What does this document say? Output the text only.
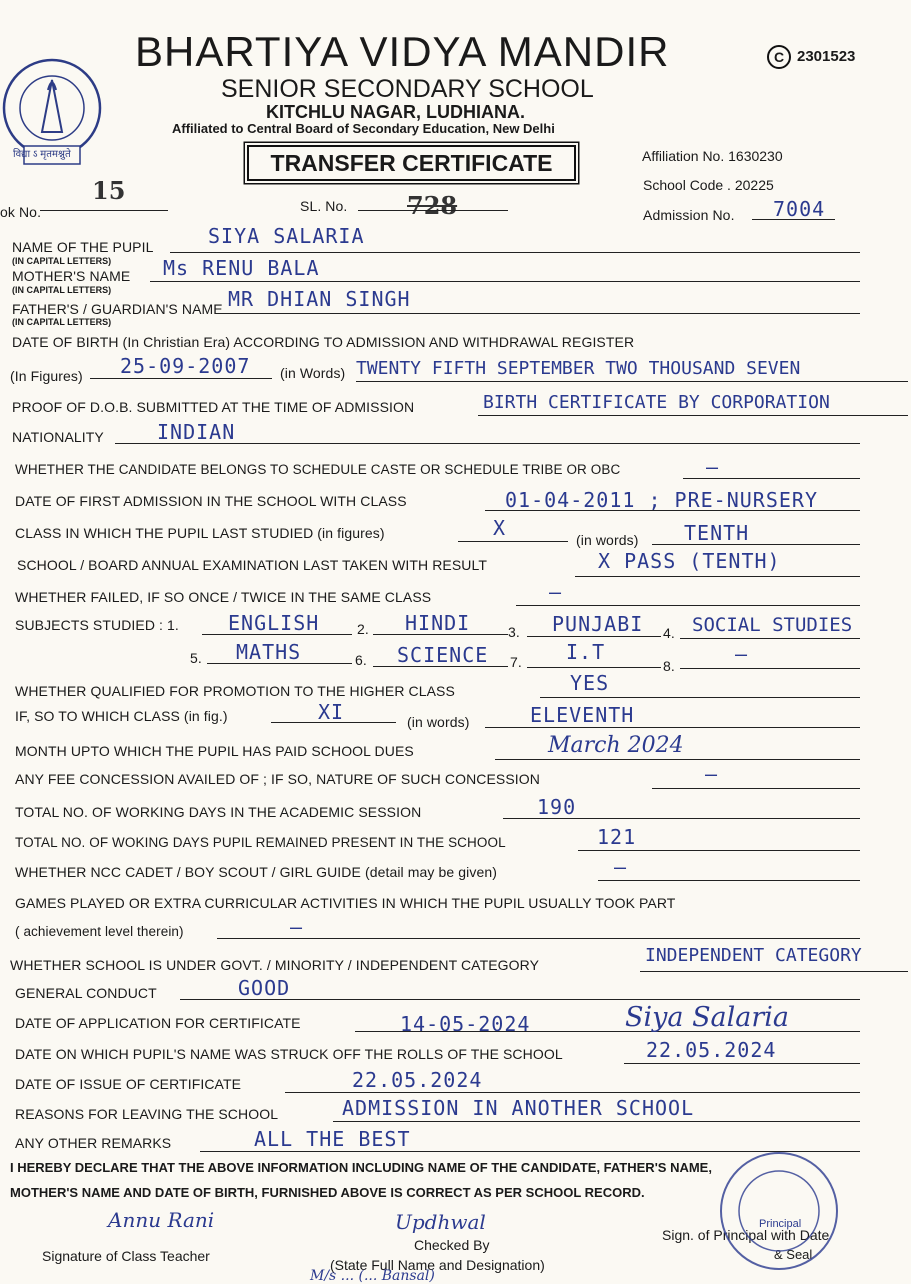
विद्या ऽ मृतमश्नुते
BHARTIYA VIDYA MANDIR	C 2301523
SENIOR SECONDARY SCHOOL
KITCHLU NAGAR, LUDHIANA.
Affiliated to Central Board of Secondary Education, New Delhi
TRANSFER CERTIFICATE	Affiliation No. 1630230
School Code . 20225
15
ok No.	SL. No. 728	Admission No. 7004
NAME OF THE PUPIL
(IN CAPITAL LETTERS)
SIYA SALARIA
MOTHER'S NAME
(IN CAPITAL LETTERS)
Ms RENU BALA
FATHER'S / GUARDIAN'S NAME
(IN CAPITAL LETTERS)
MR DHIAN SINGH
DATE OF BIRTH (In Christian Era) ACCORDING TO ADMISSION AND WITHDRAWAL REGISTER
(In Figures) 25-09-2007 (in Words) TWENTY FIFTH SEPTEMBER TWO THOUSAND SEVEN
PROOF OF D.O.B. SUBMITTED AT THE TIME OF ADMISSION	BIRTH CERTIFICATE BY CORPORATION
NATIONALITY	INDIAN
WHETHER THE CANDIDATE BELONGS TO SCHEDULE CASTE OR SCHEDULE TRIBE OR OBC	—
DATE OF FIRST ADMISSION IN THE SCHOOL WITH CLASS	01-04-2011 ; PRE-NURSERY
CLASS IN WHICH THE PUPIL LAST STUDIED (in figures)	X	(in words) TENTH
SCHOOL / BOARD ANNUAL EXAMINATION LAST TAKEN WITH RESULT	X PASS (TENTH)
WHETHER FAILED, IF SO ONCE / TWICE IN THE SAME CLASS	—
SUBJECTS STUDIED : 1. ENGLISH	2. HINDI	3. PUNJABI 4. SOCIAL STUDIES
5. MATHS	6. SCIENCE 7. I.T
8.	—
WHETHER QUALIFIED FOR PROMOTION TO THE HIGHER CLASS	YES
IF, SO TO WHICH CLASS (in fig.)	XI	(in words)	ELEVENTH
MONTH UPTO WHICH THE PUPIL HAS PAID SCHOOL DUES	March 2024
ANY FEE CONCESSION AVAILED OF ; IF SO, NATURE OF SUCH CONCESSION	—
TOTAL NO. OF WORKING DAYS IN THE ACADEMIC SESSION	190
TOTAL NO. OF WOKING DAYS PUPIL REMAINED PRESENT IN THE SCHOOL	121
WHETHER NCC CADET / BOY SCOUT / GIRL GUIDE (detail may be given)	—
GAMES PLAYED OR EXTRA CURRICULAR ACTIVITIES IN WHICH THE PUPIL USUALLY TOOK PART
( achievement level therein)	—
WHETHER SCHOOL IS UNDER GOVT. / MINORITY / INDEPENDENT CATEGORY	INDEPENDENT CATEGORY
GENERAL CONDUCT	GOOD
DATE OF APPLICATION FOR CERTIFICATE	14-05-2024	Siya Salaria
DATE ON WHICH PUPIL'S NAME WAS STRUCK OFF THE ROLLS OF THE SCHOOL	22.05.2024
DATE OF ISSUE OF CERTIFICATE	22.05.2024
REASONS FOR LEAVING THE SCHOOL	ADMISSION IN ANOTHER SCHOOL
ANY OTHER REMARKS	ALL THE BEST
I HEREBY DECLARE THAT THE ABOVE INFORMATION INCLUDING NAME OF THE CANDIDATE, FATHER'S NAME,
MOTHER'S NAME AND DATE OF BIRTH, FURNISHED ABOVE IS CORRECT AS PER SCHOOL RECORD.
Annu Rani
Signature of Class Teacher
Updhwal
Checked By
(State Full Name and Designation)
M/s ... (... Bansal)
Sign. of Principal with Date
& Seal
Principal
